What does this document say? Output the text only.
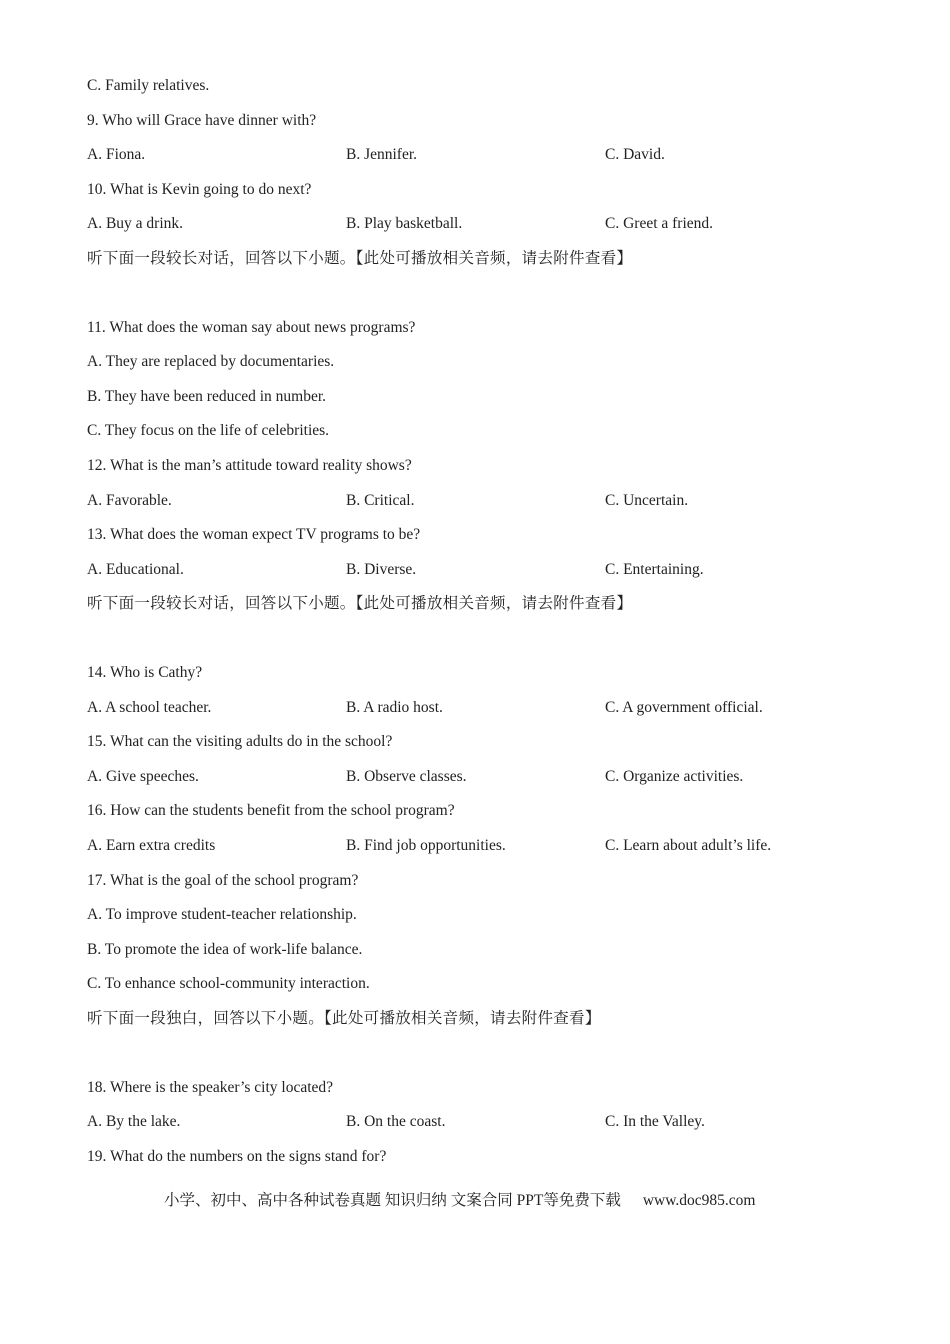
C. Family relatives.
9. Who will Grace have dinner with?
A. Fiona.	B. Jennifer.	C. David.
10. What is Kevin going to do next?
A. Buy a drink.	B. Play basketball.	C. Greet a friend.
听下面一段较长对话，回答以下小题。【此处可播放相关音频，请去附件查看】
11. What does the woman say about news programs?
A. They are replaced by documentaries.
B. They have been reduced in number.
C. They focus on the life of celebrities.
12. What is the man’s attitude toward reality shows?
A. Favorable.	B. Critical.	C. Uncertain.
13. What does the woman expect TV programs to be?
A. Educational.	B. Diverse.	C. Entertaining.
听下面一段较长对话，回答以下小题。【此处可播放相关音频，请去附件查看】
14. Who is Cathy?
A. A school teacher.	B. A radio host.	C. A government official.
15. What can the visiting adults do in the school?
A. Give speeches.	B. Observe classes.	C. Organize activities.
16. How can the students benefit from the school program?
A. Earn extra credits	B. Find job opportunities.	C. Learn about adult’s life.
17. What is the goal of the school program?
A. To improve student-teacher relationship.
B. To promote the idea of work-life balance.
C. To enhance school-community interaction.
听下面一段独白，回答以下小题。【此处可播放相关音频，请去附件查看】
18. Where is the speaker’s city located?
A. By the lake.	B. On the coast.	C. In the Valley.
19. What do the numbers on the signs stand for?
小学、初中、高中各种试卷真题 知识归纳 文案合同 PPT等免费下载 www.doc985.com
